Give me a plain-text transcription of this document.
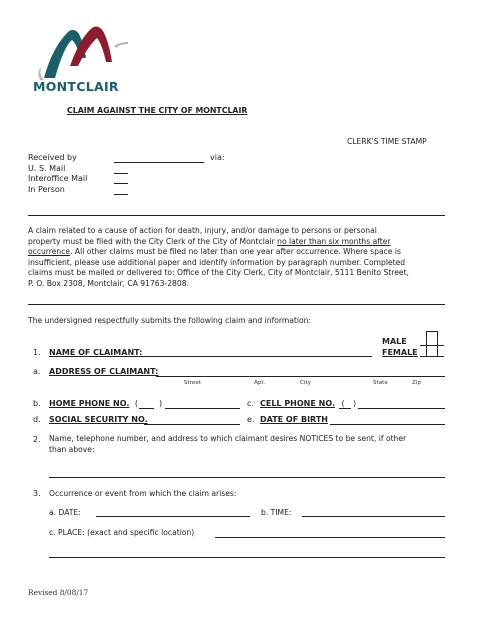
MONTCLAIR
CLAIM AGAINST THE CITY OF MONTCLAIR
CLERK'S TIME STAMP
Received by	via:
U. S. Mail
Interoffice Mail
In Person
A claim related to a cause of action for death, injury, and/or damage to persons or personal
property must be filed with the City Clerk of the City of Montclair no later than six months after
occurrence. All other claims must be filed no later than one year after occurrence. Where space is
insufficient, please use additional paper and identify information by paragraph number. Completed
claims must be mailed or delivered to: Office of the City Clerk, City of Montclair, 5111 Benito Street,
P. O. Box 2308, Montclair, CA 91763-2808.
The undersigned respectfully submits the following claim and information:
1. NAME OF CLAIMANT:
MALE
FEMALE
a. ADDRESS OF CLAIMANT:
Street	Apt.	City	State	Zip
b. HOME PHONE NO. (	)	c. CELL PHONE NO. ( )
d. SOCIAL SECURITY NO.	e. DATE OF BIRTH
2. Name, telephone number, and address to which claimant desires NOTICES to be sent, if other
than above:
3. Occurrence or event from which the claim arises:
a. DATE:	b. TIME:
c. PLACE: (exact and specific location)
Revised 8/08/17
